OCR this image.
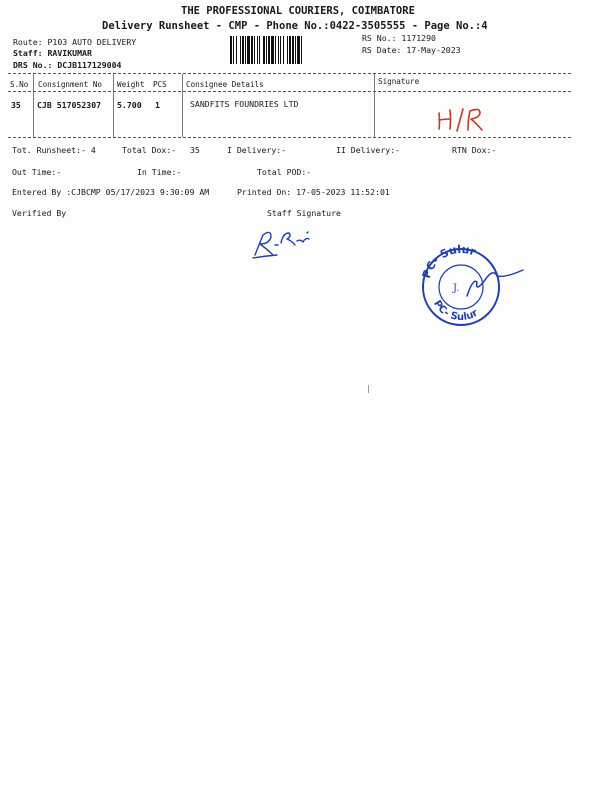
THE PROFESSIONAL COURIERS, COIMBATORE
Delivery Runsheet - CMP - Phone No.:0422-3505555 - Page No.:4
Route: P103 AUTO DELIVERY
Staff: RAVIKUMAR
DRS No.: DCJB117129004
RS No.: 1171290
RS Date: 17-May-2023
S.No Consignment No Weight PCS	Consignee Details	Signature
35 CJB 517052307 5.700 1	SANDFITS FOUNDRIES LTD
Tot. Runsheet:- 4	Total Dox:- 35	I Delivery:-	II Delivery:-	RTN Dox:-
Out Time:-	In Time:-	Total POD:-
Entered By :CJBCMP 05/17/2023 9:30:09 AM	Printed On: 17-05-2023 11:52:01
Verified By	Staff Signature
PC- Sulur
PC- Sulur
J.
